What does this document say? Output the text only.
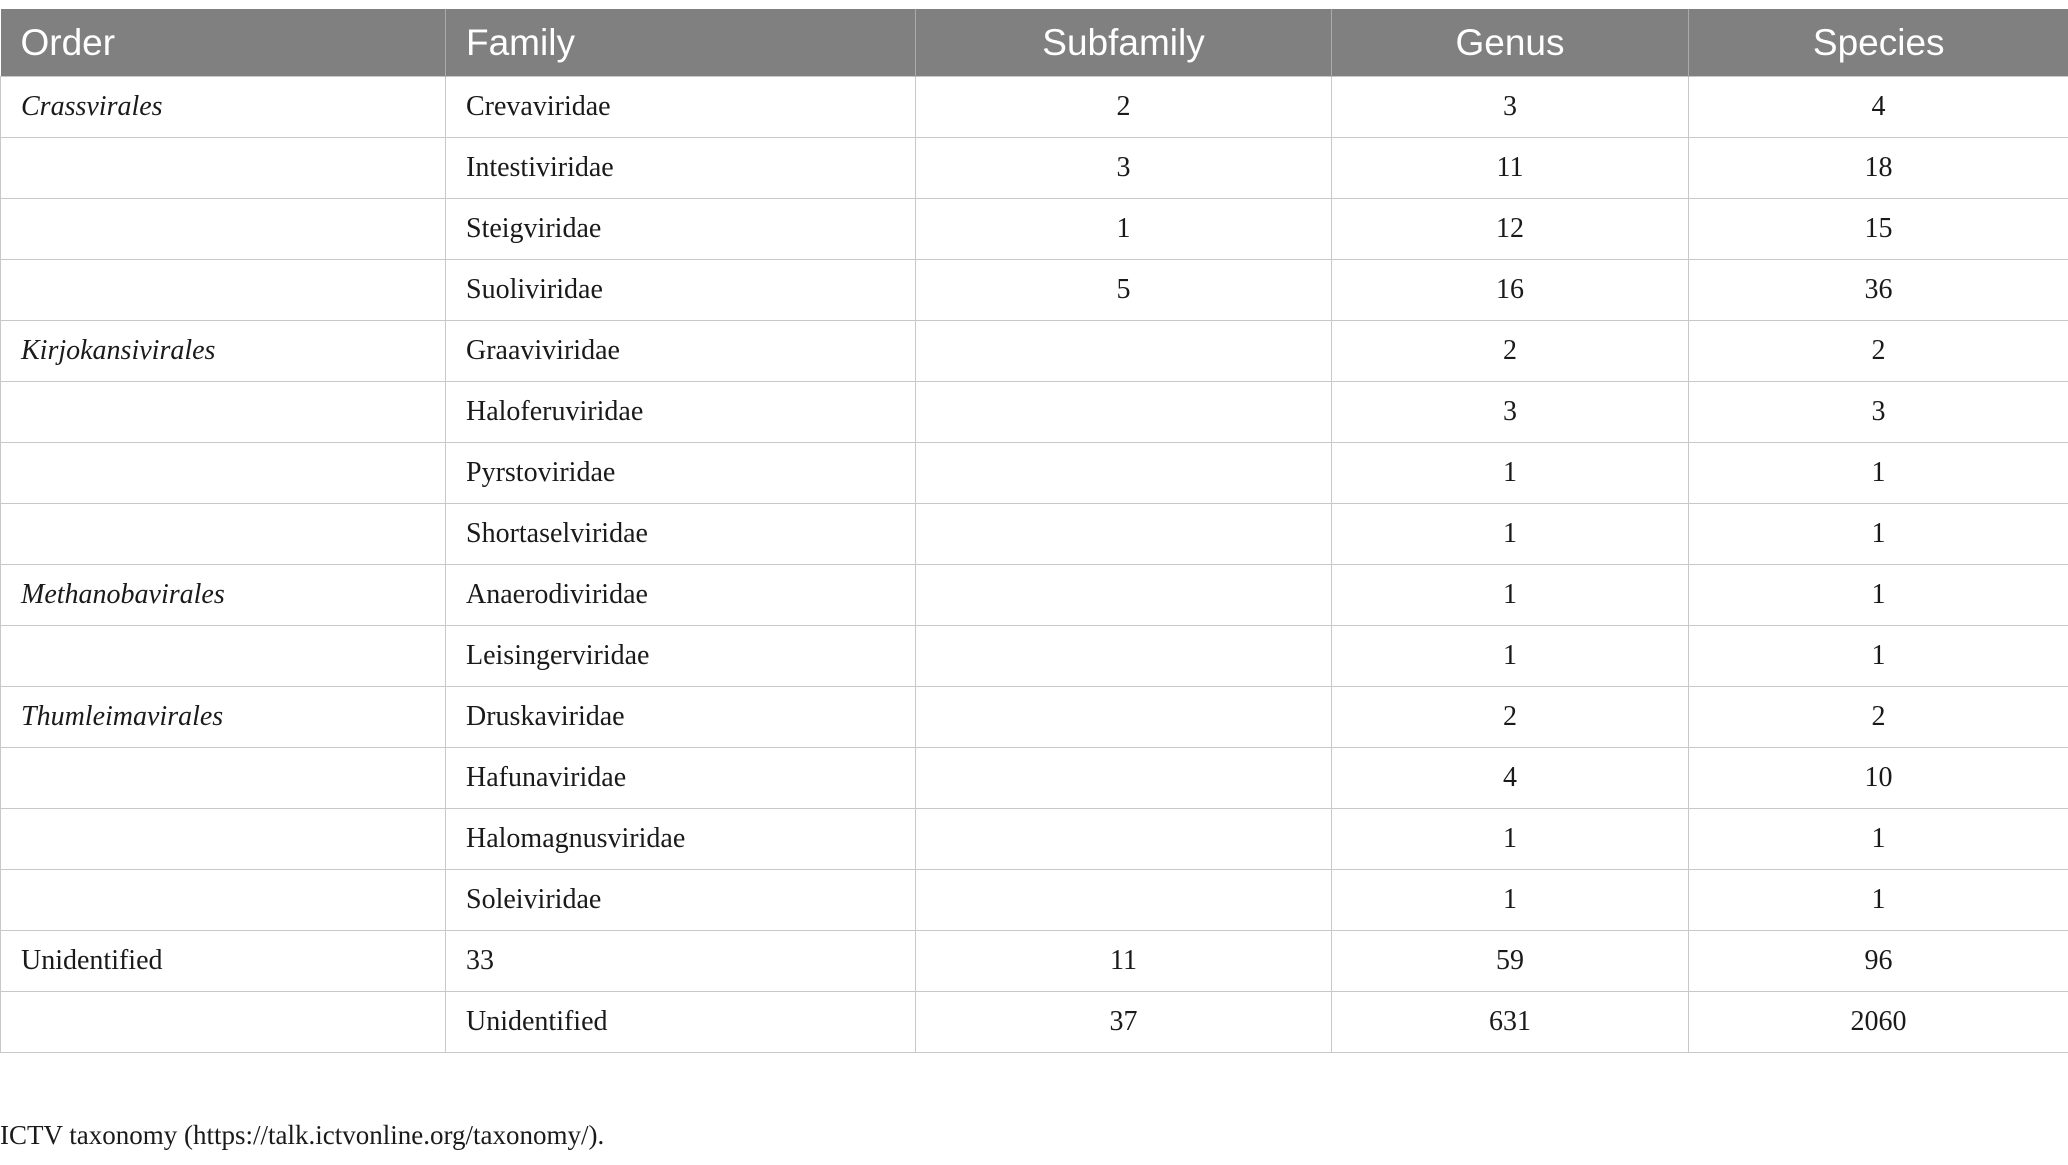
Order	Family	Subfamily	Genus	Species
Crassvirales	Crevaviridae	2	3	4
	Intestiviridae	3	11	18
	Steigviridae	1	12	15
	Suoliviridae	5	16	36
Kirjokansivirales	Graaviviridae		2	2
	Haloferuviridae		3	3
	Pyrstoviridae		1	1
	Shortaselviridae		1	1
Methanobavirales	Anaerodiviridae		1	1
	Leisingerviridae		1	1
Thumleimavirales	Druskaviridae		2	2
	Hafunaviridae		4	10
	Halomagnusviridae		1	1
	Soleiviridae		1	1
Unidentified	33	11	59	96
	Unidentified	37	631	2060
ICTV taxonomy (https://talk.ictvonline.org/taxonomy/).
